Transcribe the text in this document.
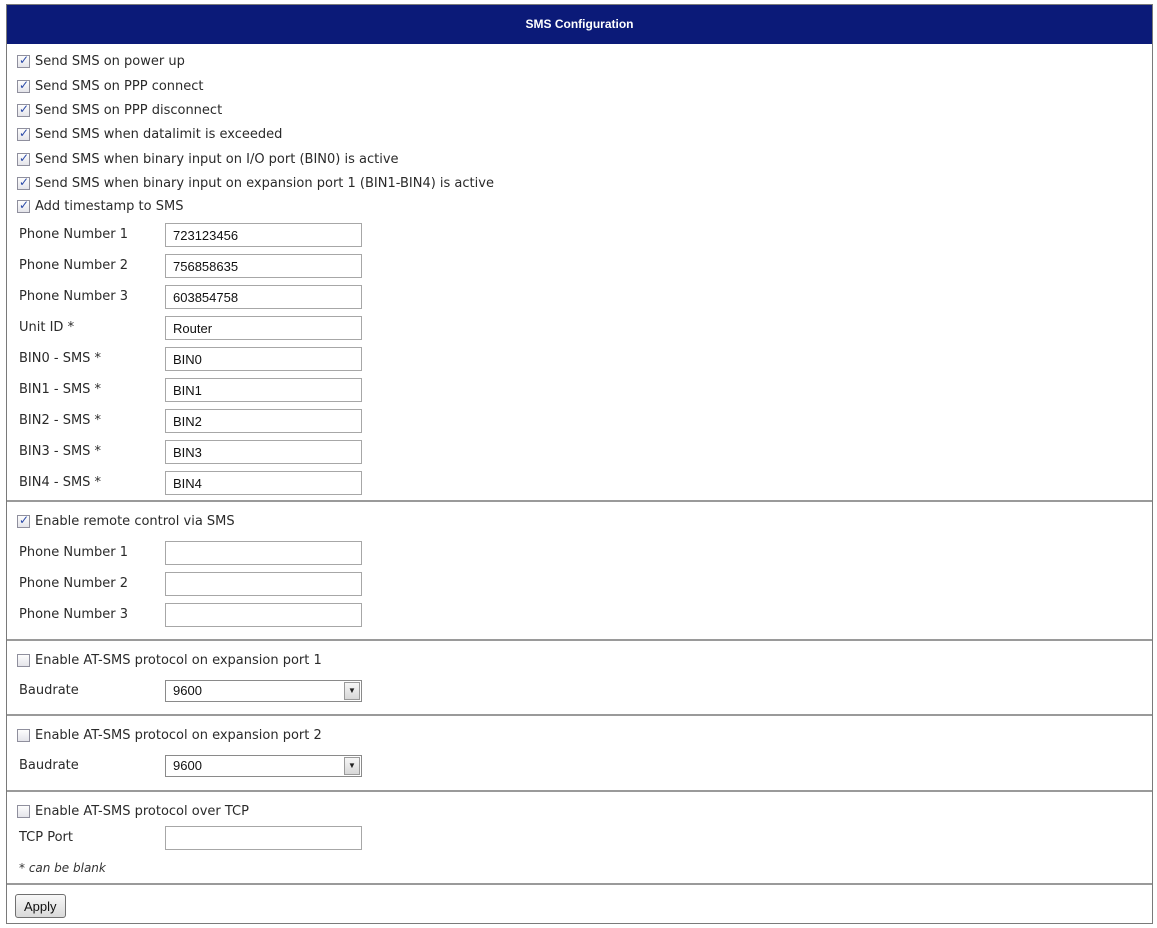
SMS Configuration
✓
Send SMS on power up
✓
Send SMS on PPP connect
✓
Send SMS on PPP disconnect
✓
Send SMS when datalimit is exceeded
✓
Send SMS when binary input on I/O port (BIN0) is active
✓
Send SMS when binary input on expansion port 1 (BIN1-BIN4) is active
✓
Add timestamp to SMS
Phone Number 1
723123456
Phone Number 2
756858635
Phone Number 3
603854758
Unit ID *
Router
BIN0 - SMS *
BIN0
BIN1 - SMS *
BIN1
BIN2 - SMS *
BIN2
BIN3 - SMS *
BIN3
BIN4 - SMS *
BIN4
✓
Enable remote control via SMS
Phone Number 1
Phone Number 2
Phone Number 3
Enable AT-SMS protocol on expansion port 1
Baudrate	9600	▼
Enable AT-SMS protocol on expansion port 2
Baudrate	9600	▼
Enable AT-SMS protocol over TCP
TCP Port
* can be blank
Apply
